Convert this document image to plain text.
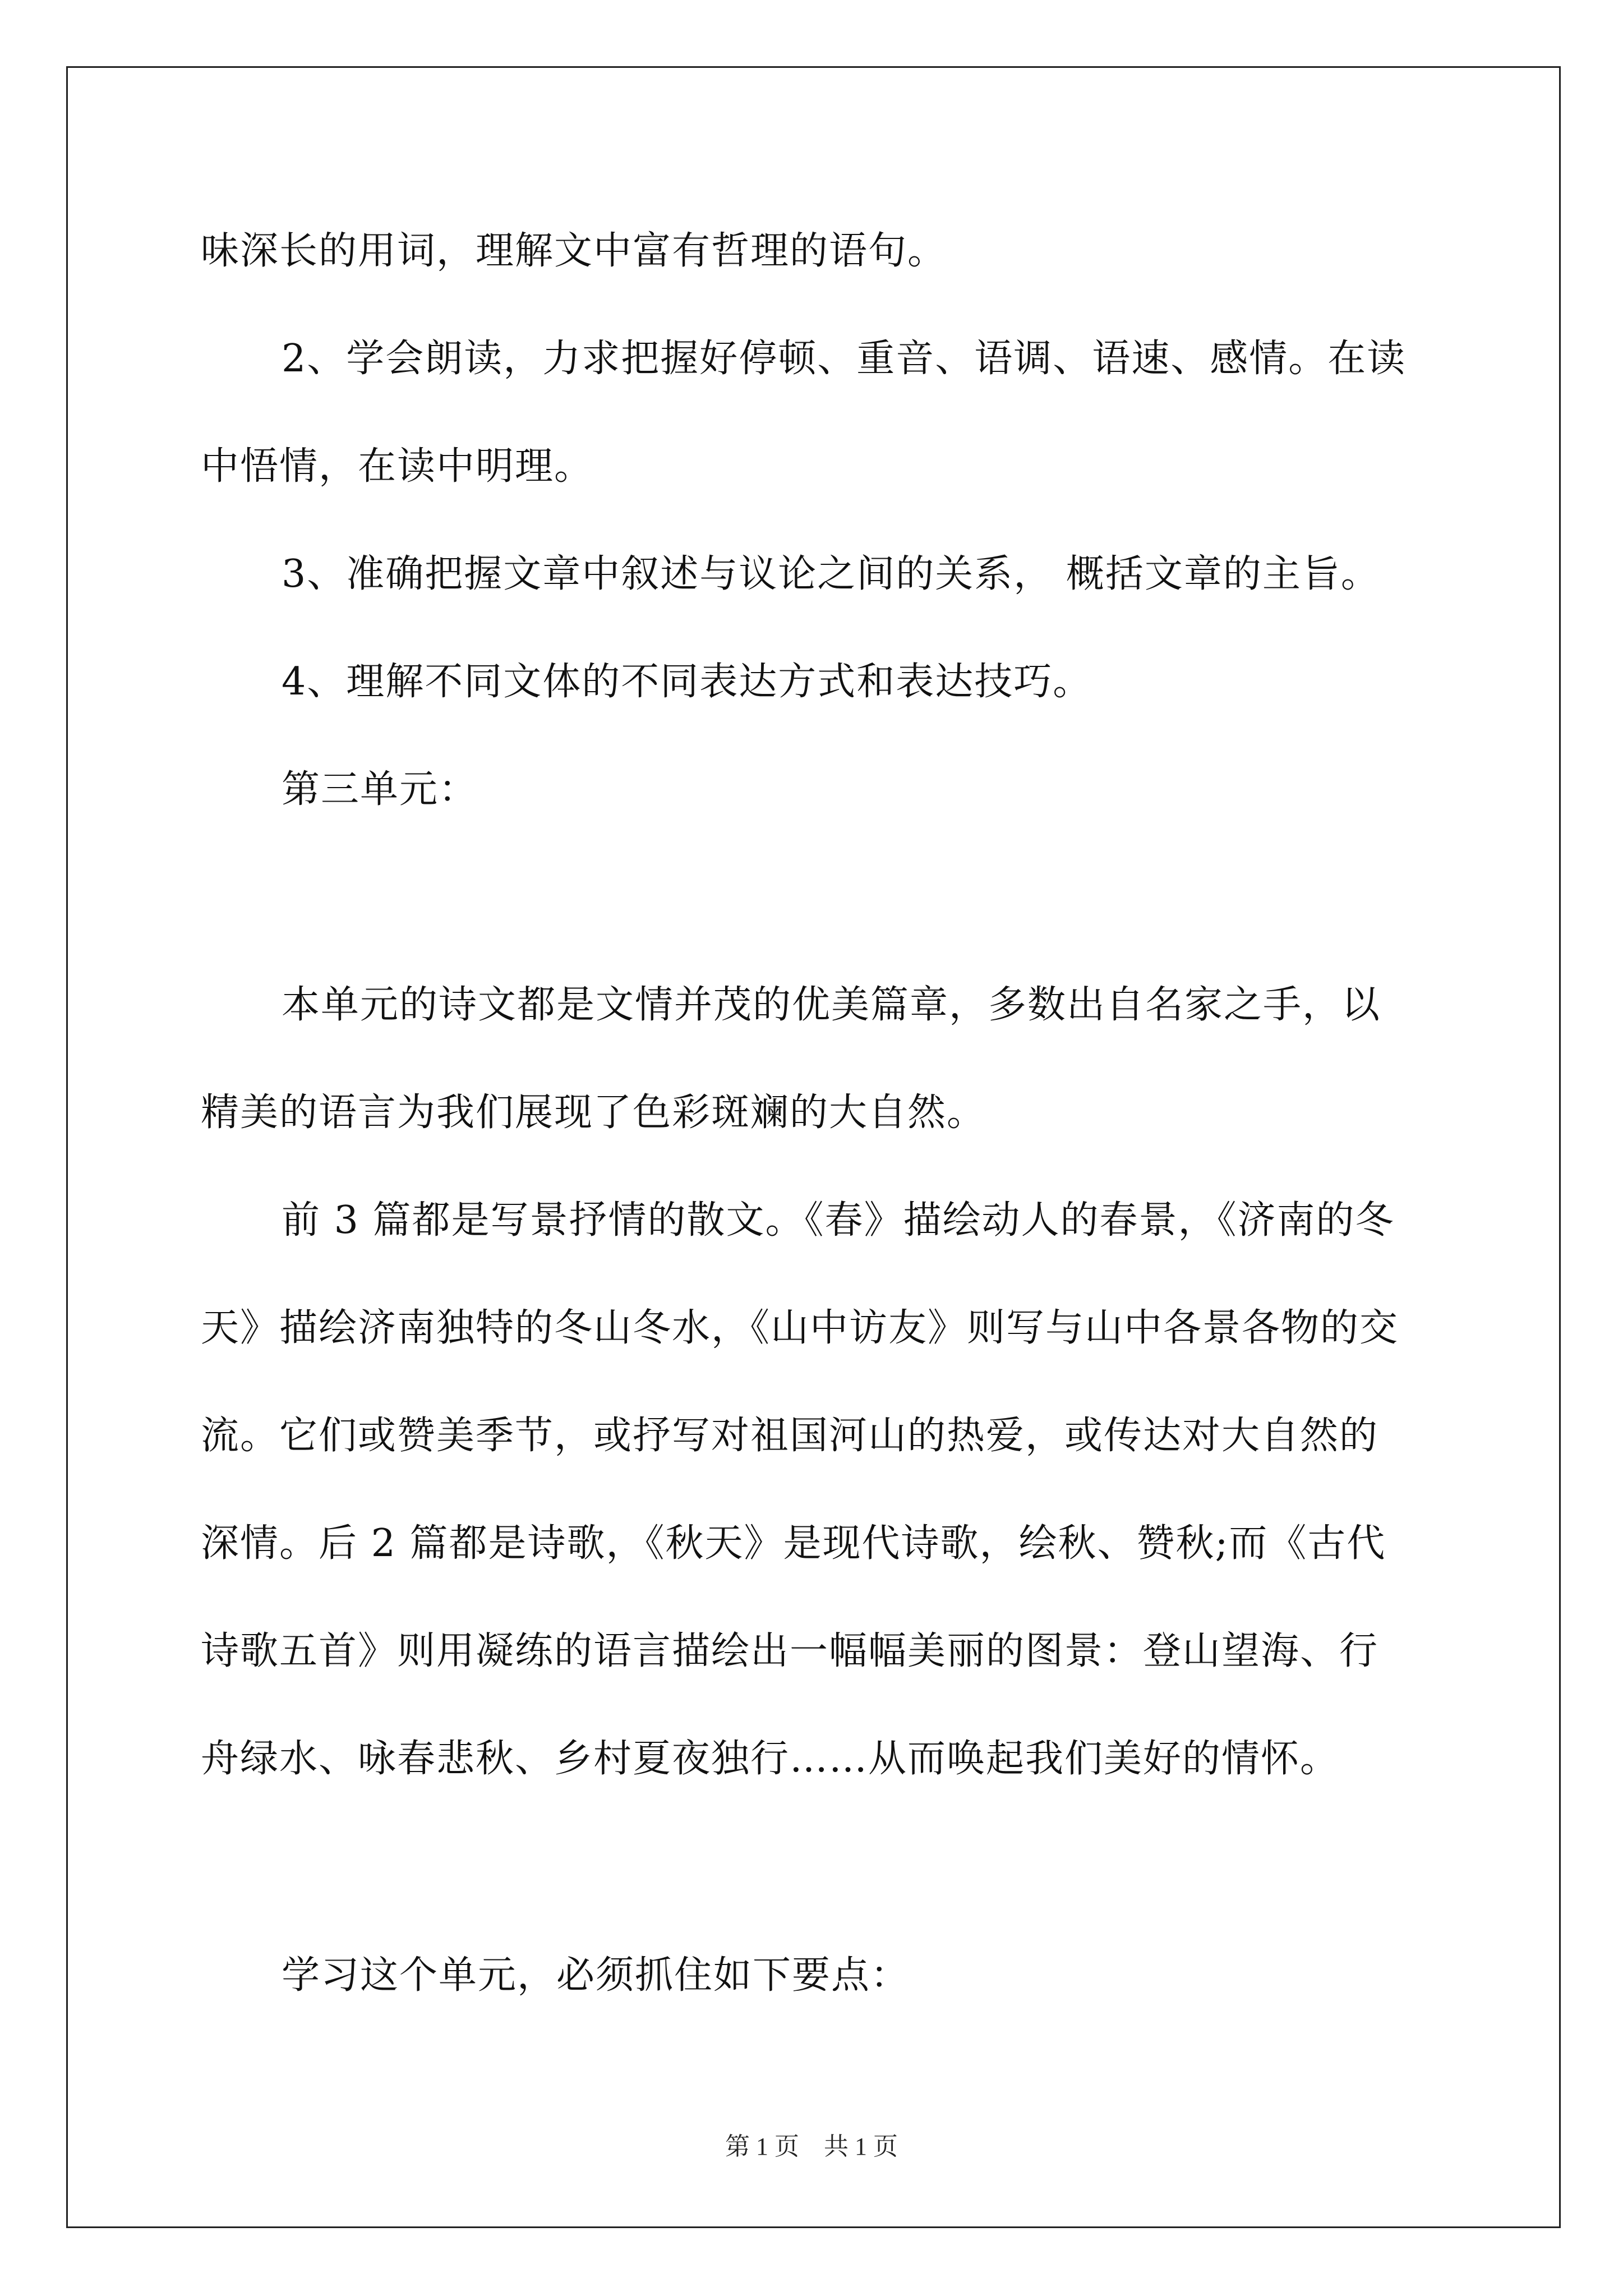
味深长的用词，理解文中富有哲理的语句。
2、学会朗读，力求把握好停顿、重音、语调、语速、感情。在读
中悟情，在读中明理。
3、准确把握文章中叙述与议论之间的关系， 概括文章的主旨。
4、理解不同文体的不同表达方式和表达技巧。
第三单元：
本单元的诗文都是文情并茂的优美篇章，多数出自名家之手，以
精美的语言为我们展现了色彩斑斓的大自然。
前 3 篇都是写景抒情的散文。《春》描绘动人的春景，《济南的冬
天》描绘济南独特的冬山冬水，《山中访友》则写与山中各景各物的交
流。它们或赞美季节，或抒写对祖国河山的热爱，或传达对大自然的
深情。后 2 篇都是诗歌，《秋天》是现代诗歌，绘秋、赞秋;而《古代
诗歌五首》则用凝练的语言描绘出一幅幅美丽的图景：登山望海、行
舟绿水、咏春悲秋、乡村夏夜独行……从而唤起我们美好的情怀。
学习这个单元，必须抓住如下要点：
第 1 页　共 1 页
